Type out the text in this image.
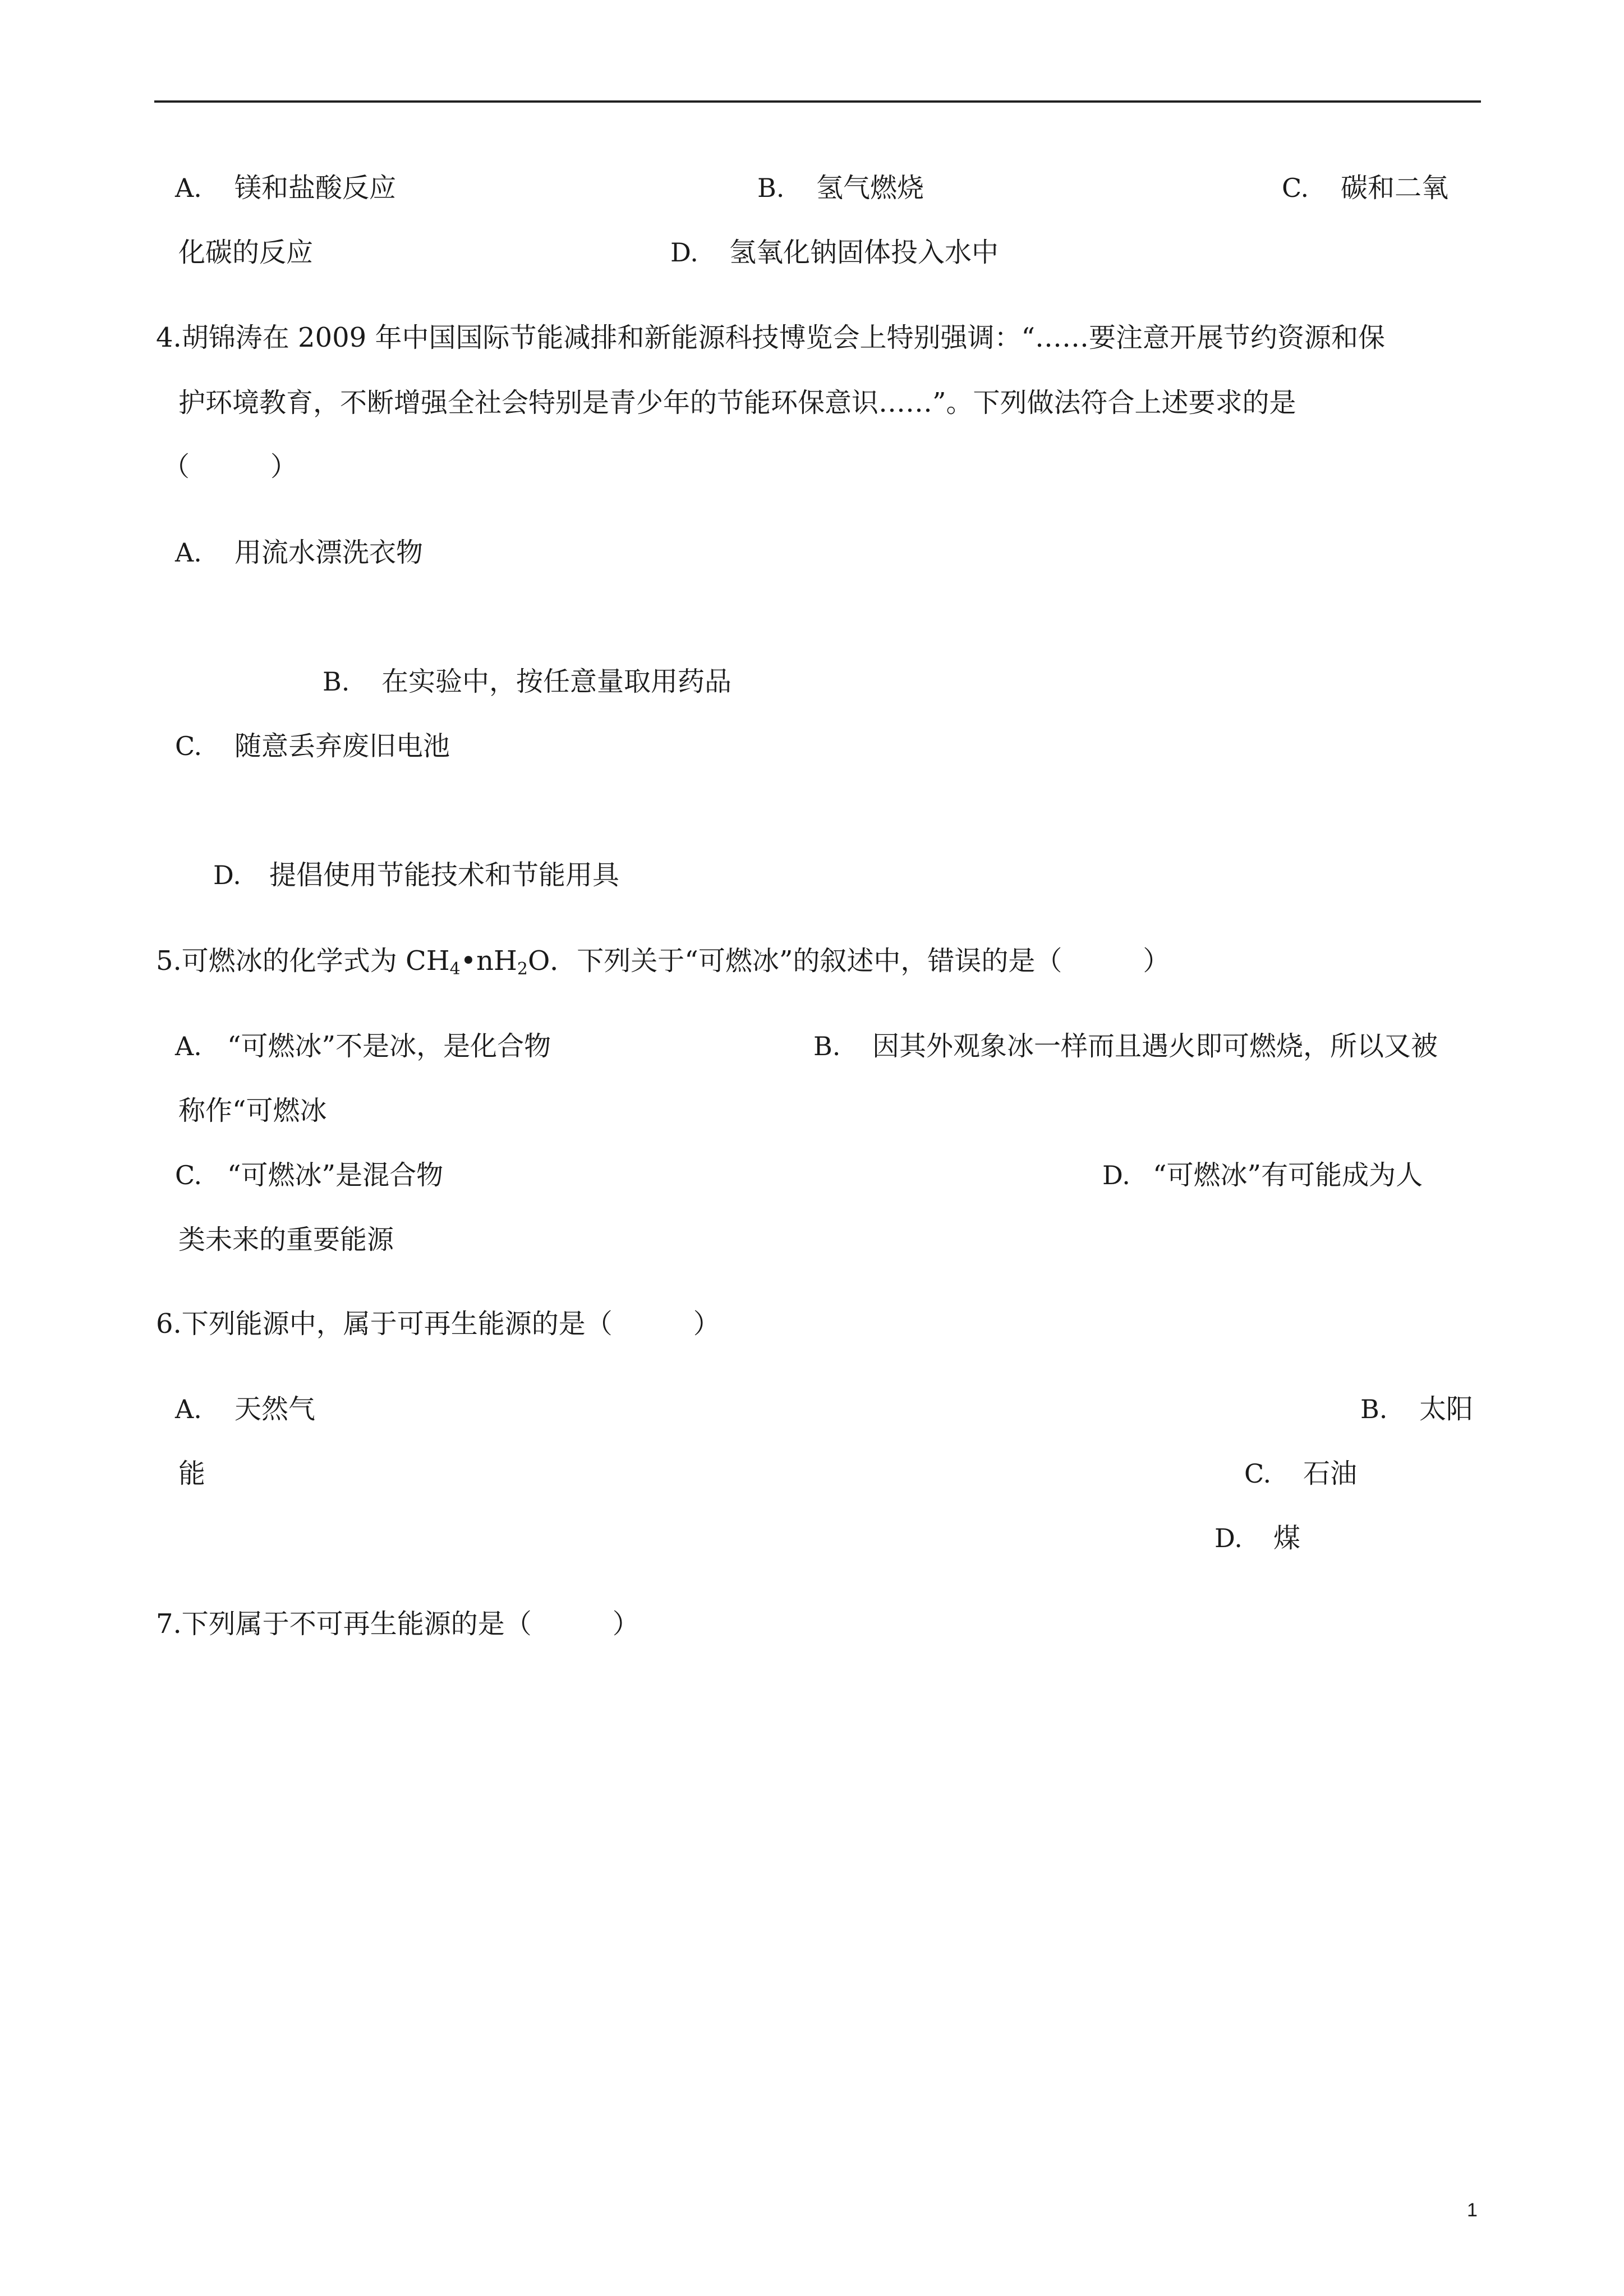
A. 镁和盐酸反应	B. 氢气燃烧	C. 碳和二氧
化碳的反应	D. 氢氧化钠固体投入水中
4.胡锦涛在 2009 年中国国际节能减排和新能源科技博览会上特别强调：“……要注意开展节约资源和保
护环境教育，不断增强全社会特别是青少年的节能环保意识……”。下列做法符合上述要求的是
（　　　）
A. 用流水漂洗衣物
B. 在实验中，按任意量取用药品
C. 随意丢弃废旧电池
D. 提倡使用节能技术和节能用具
5.可燃冰的化学式为 $CH_4•nH_2O$．下列关于“可燃冰”的叙述中，错误的是（　　　）
A. “可燃冰”不是冰，是化合物	B. 因其外观象冰一样而且遇火即可燃烧，所以又被
称作“可燃冰
C. “可燃冰”是混合物	D. “可燃冰”有可能成为人
类未来的重要能源
6.下列能源中，属于可再生能源的是（　　　）
A. 天然气	B. 太阳
能	C. 石油
D. 煤
7.下列属于不可再生能源的是（　　　）
1
